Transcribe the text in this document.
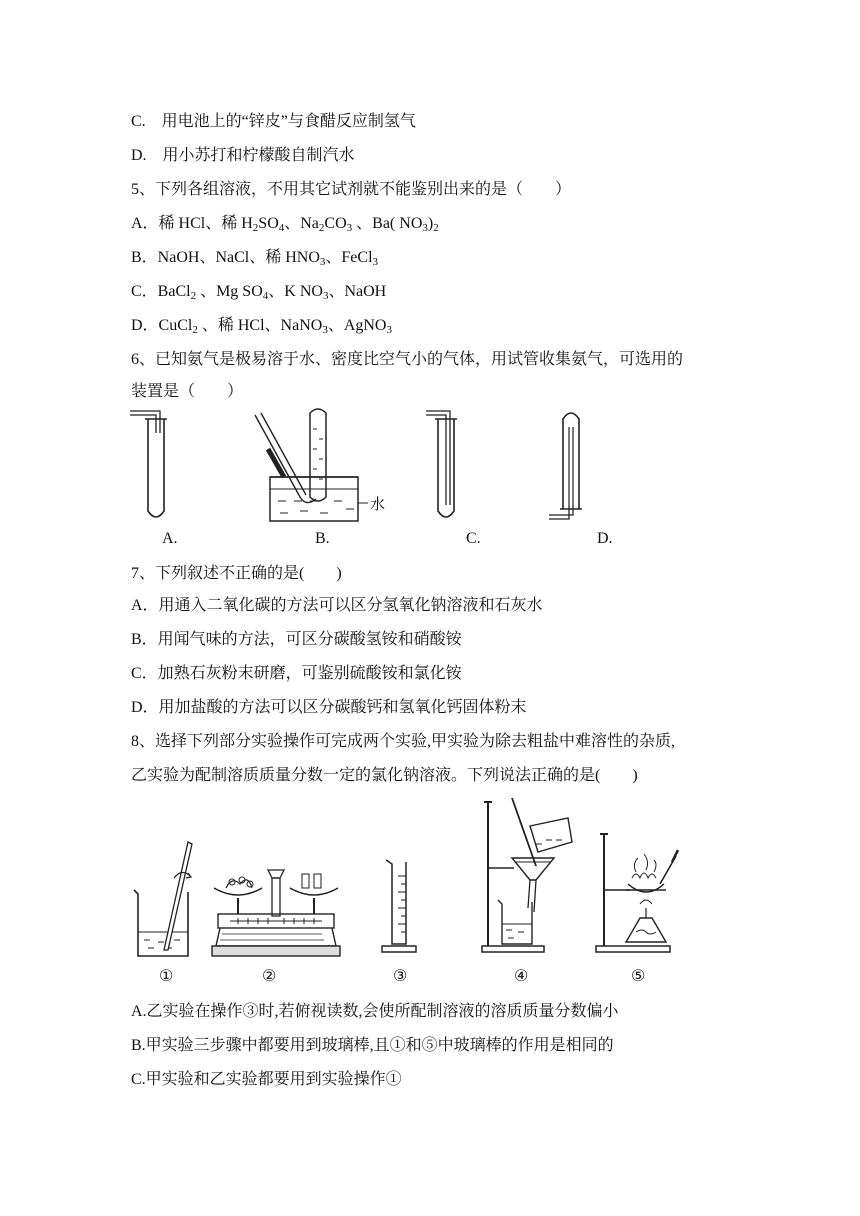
C.　用电池上的“锌皮”与食醋反应制氢气
D.　用小苏打和柠檬酸自制汽水
5、下列各组溶液，不用其它试剂就不能鉴别出来的是（　　）
A．稀 HCl、稀 $H_2SO_4$、$Na_2CO_3$ 、Ba( $NO_3)_2$
B．NaOH、NaCl、稀 $HNO_3$、FeCl$_3$
C．BaCl$_2$ 、Mg $SO_4$、K $NO_3$、NaOH
D．CuCl$_2$ 、稀 HCl、NaNO$_3$、AgNO$_3$
6、已知氨气是极易溶于水、密度比空气小的气体，用试管收集氨气，可选用的
装置是（　　）
A.
水
B.	C.	D.
7、下列叙述不正确的是(　　)
A．用通入二氧化碳的方法可以区分氢氧化钠溶液和石灰水
B．用闻气味的方法，可区分碳酸氢铵和硝酸铵
C．加熟石灰粉末研磨，可鉴别硫酸铵和氯化铵
D．用加盐酸的方法可以区分碳酸钙和氢氧化钙固体粉末
8、选择下列部分实验操作可完成两个实验,甲实验为除去粗盐中难溶性的杂质,
乙实验为配制溶质质量分数一定的氯化钠溶液。下列说法正确的是(　　)
①	②	③	④	⑤
A.乙实验在操作③时,若俯视读数,会使所配制溶液的溶质质量分数偏小
B.甲实验三步骤中都要用到玻璃棒,且①和⑤中玻璃棒的作用是相同的
C.甲实验和乙实验都要用到实验操作①
